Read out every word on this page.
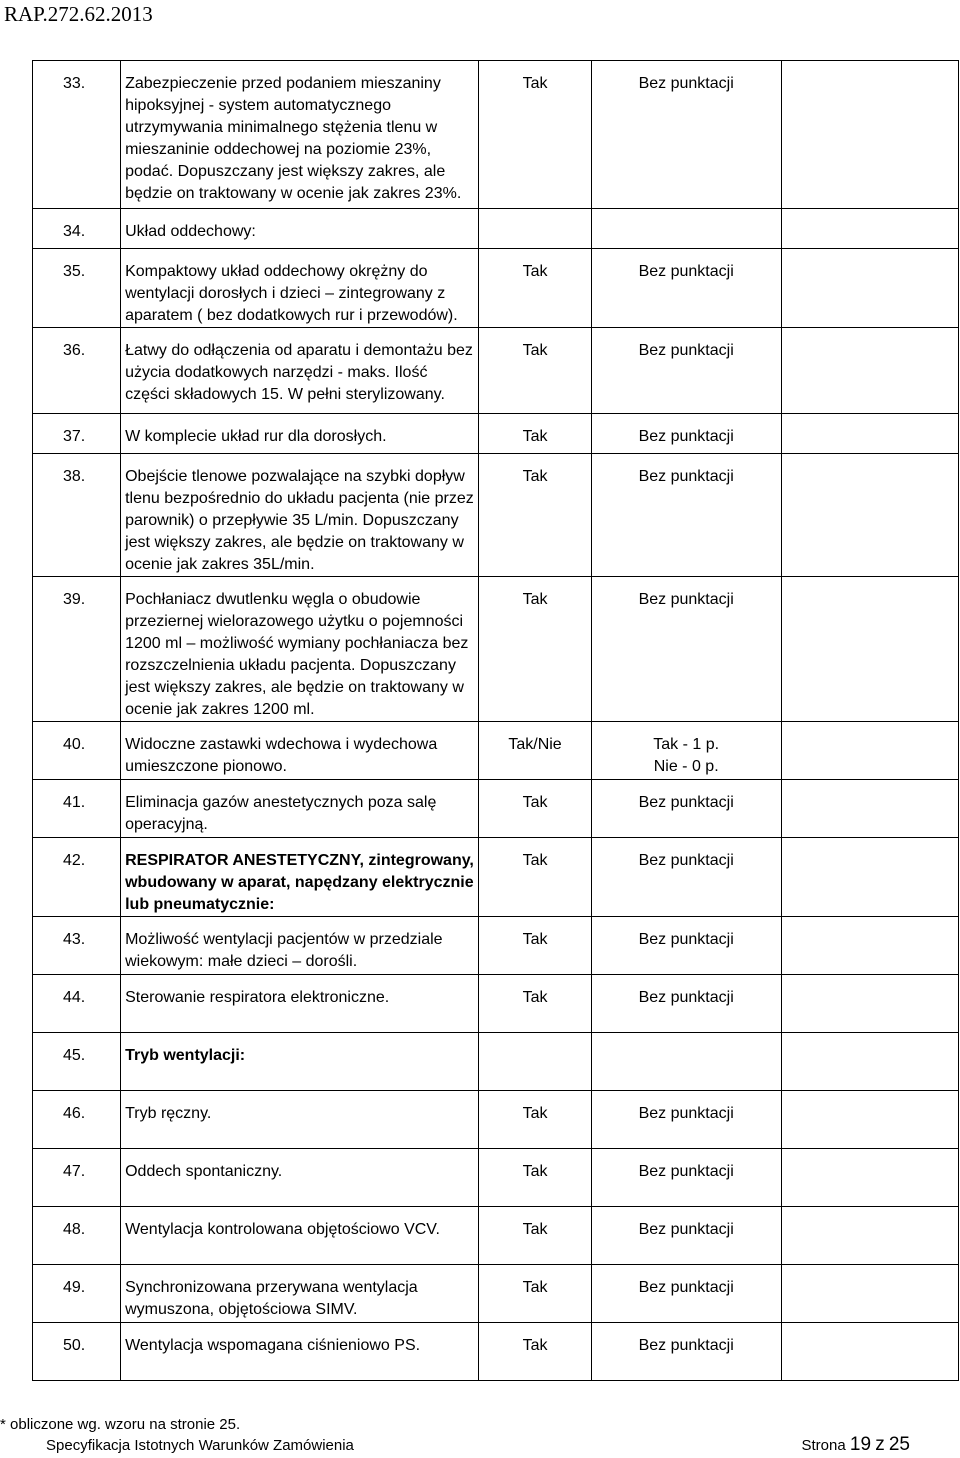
RAP.272.62.2013
33.	Zabezpieczenie przed podaniem mieszaniny hipoksyjnej - system automatycznego utrzymywania minimalnego stężenia tlenu w mieszaninie oddechowej na poziomie 23%, podać. Dopuszczany jest większy zakres, ale będzie on traktowany w ocenie jak zakres 23%.	Tak	Bez punktacji	

34.	Układ oddechowy:		

35.	Kompaktowy układ oddechowy okrężny do wentylacji dorosłych i dzieci – zintegrowany z aparatem ( bez dodatkowych rur i przewodów).	Tak	Bez punktacji	

36.	Łatwy do odłączenia od aparatu i demontażu bez użycia dodatkowych narzędzi - maks. Ilość części składowych 15. W pełni sterylizowany.	Tak	Bez punktacji	

37.	W komplecie układ rur dla dorosłych.	Tak	Bez punktacji	

38.	Obejście tlenowe pozwalające na szybki dopływ tlenu bezpośrednio do układu pacjenta (nie przez parownik) o przepływie 35 L/min. Dopuszczany jest większy zakres, ale będzie on traktowany w ocenie jak zakres 35L/min.	Tak	Bez punktacji	

39.	Pochłaniacz dwutlenku węgla o obudowie przeziernej wielorazowego użytku o pojemności 1200 ml – możliwość wymiany pochłaniacza bez rozszczelnienia układu pacjenta. Dopuszczany jest większy zakres, ale będzie on traktowany w ocenie jak zakres 1200 ml.	Tak	Bez punktacji	

40.	Widoczne zastawki wdechowa i wydechowa umieszczone pionowo.	Tak/Nie	Tak - 1 p.
Nie - 0 p.	

41.	Eliminacja gazów anestetycznych poza salę operacyjną.	Tak	Bez punktacji	

42.	RESPIRATOR ANESTETYCZNY, zintegrowany, wbudowany w aparat, napędzany elektrycznie lub pneumatycznie:	Tak	Bez punktacji	

43.	Możliwość wentylacji pacjentów w przedziale wiekowym: małe dzieci – dorośli.	Tak	Bez punktacji	

44.	Sterowanie respiratora elektroniczne.	Tak	Bez punktacji	

45.	Tryb wentylacji:		

46.	Tryb ręczny.	Tak	Bez punktacji	

47.	Oddech spontaniczny.	Tak	Bez punktacji	

48.	Wentylacja kontrolowana objętościowo VCV.	Tak	Bez punktacji	

49.	Synchronizowana przerywana wentylacja wymuszona, objętościowa SIMV.	Tak	Bez punktacji	

50.	Wentylacja wspomagana ciśnieniowo PS.	Tak	Bez punktacji	

* obliczone wg. wzoru na stronie 25.
Specyfikacja Istotnych Warunków Zamówienia	Strona 19 z 25
